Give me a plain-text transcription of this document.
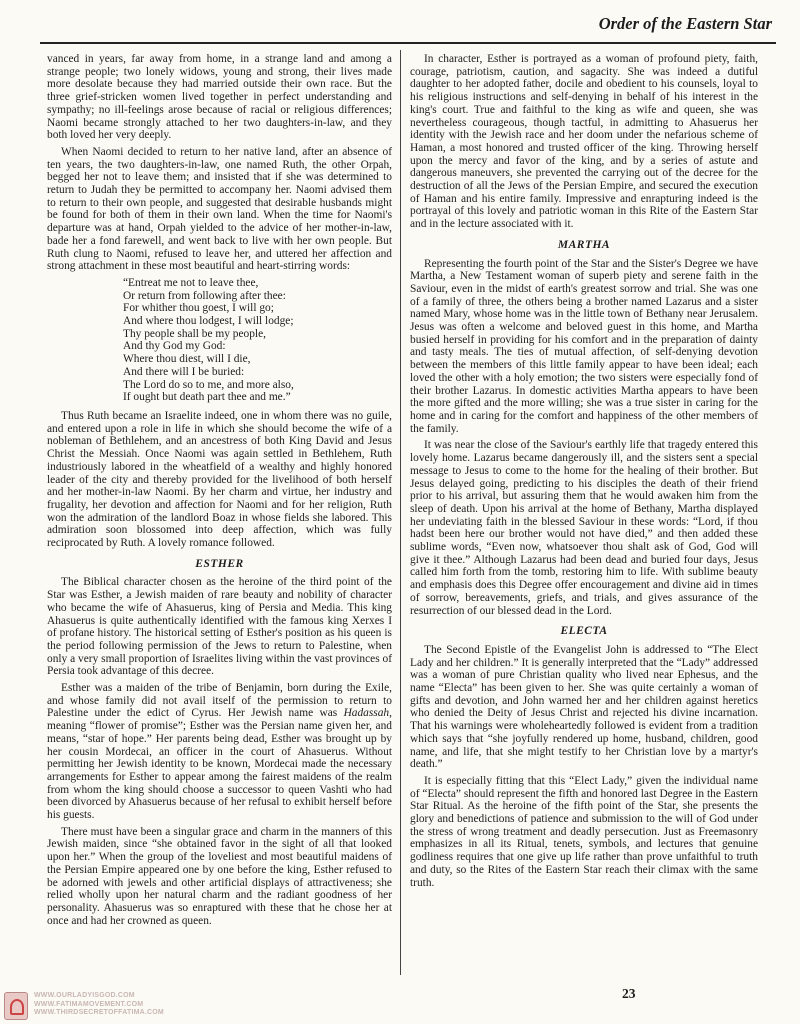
Order of the Eastern Star

vanced in years, far away from home, in a strange land and among a strange people; two lonely widows, young and strong, their lives made more desolate because they had married outside their own race. But the three grief-stricken women lived together in perfect understanding and sympathy; no ill-feelings arose because of racial or religious differences; Naomi became strongly attached to her two daughters-in-law, and they both loved her very deeply.

When Naomi decided to return to her native land, after an absence of ten years, the two daughters-in-law, one named Ruth, the other Orpah, begged her not to leave them; and insisted that if she was determined to return to Judah they be permitted to accompany her. Naomi advised them to return to their own people, and suggested that desirable husbands might be found for both of them in their own land. When the time for Naomi's departure was at hand, Orpah yielded to the advice of her mother-in-law, bade her a fond farewell, and went back to live with her own people. But Ruth clung to Naomi, refused to leave her, and uttered her affection and strong attachment in these most beautiful and heart-stirring words:

“Entreat me not to leave thee,
Or return from following after thee:
For whither thou goest, I will go;
And where thou lodgest, I will lodge;
Thy people shall be my people,
And thy God my God:
Where thou diest, will I die,
And there will I be buried:
The Lord do so to me, and more also,
If ought but death part thee and me.”

Thus Ruth became an Israelite indeed, one in whom there was no guile, and entered upon a role in life in which she should become the wife of a nobleman of Bethlehem, and an ancestress of both King David and Jesus Christ the Messiah. Once Naomi was again settled in Bethlehem, Ruth industriously labored in the wheatfield of a wealthy and highly honored leader of the city and thereby provided for the livelihood of both herself and her mother-in-law Naomi. By her charm and virtue, her industry and frugality, her devotion and affection for Naomi and for her religion, Ruth won the admiration of the landlord Boaz in whose fields she labored. This admiration soon blossomed into deep affection, which was fully reciprocated by Ruth. A lovely romance followed.

ESTHER

The Biblical character chosen as the heroine of the third point of the Star was Esther, a Jewish maiden of rare beauty and nobility of character who became the wife of Ahasuerus, king of Persia and Media. This king Ahasuerus is quite authentically identified with the famous king Xerxes I of profane history. The historical setting of Esther's position as his queen is the period following permission of the Jews to return to Palestine, when only a very small proportion of Israelites living within the vast provinces of Persia took advantage of this decree.

Esther was a maiden of the tribe of Benjamin, born during the Exile, and whose family did not avail itself of the permission to return to Palestine under the edict of Cyrus. Her Jewish name was Hadassah, meaning “flower of promise”; Esther was the Persian name given her, and means, “star of hope.” Her parents being dead, Esther was brought up by her cousin Mordecai, an officer in the court of Ahasuerus. Without permitting her Jewish identity to be known, Mordecai made the necessary arrangements for Esther to appear among the fairest maidens of the realm from whom the king should choose a successor to queen Vashti who had been divorced by Ahasuerus because of her refusal to exhibit herself before his guests.

There must have been a singular grace and charm in the manners of this Jewish maiden, since “she obtained favor in the sight of all that looked upon her.” When the group of the loveliest and most beautiful maidens of the Persian Empire appeared one by one before the king, Esther refused to be adorned with jewels and other artificial displays of attractiveness; she relied wholly upon her natural charm and the radiant goodness of her personality. Ahasuerus was so enraptured with these that he chose her at once and had her crowned as queen.

In character, Esther is portrayed as a woman of profound piety, faith, courage, patriotism, caution, and sagacity. She was indeed a dutiful daughter to her adopted father, docile and obedient to his counsels, loyal to his religious instructions and self-denying in behalf of his interest in the king's court. True and faithful to the king as wife and queen, she was nevertheless courageous, though tactful, in admitting to Ahasuerus her identity with the Jewish race and her doom under the nefarious scheme of Haman, a most honored and trusted officer of the king. Throwing herself upon the mercy and favor of the king, and by a series of astute and dangerous maneuvers, she prevented the carrying out of the decree for the destruction of all the Jews of the Persian Empire, and secured the execution of Haman and his entire family. Impressive and enrapturing indeed is the portrayal of this lovely and patriotic woman in this Rite of the Eastern Star and in the lecture associated with it.

MARTHA

Representing the fourth point of the Star and the Sister's Degree we have Martha, a New Testament woman of superb piety and serene faith in the Saviour, even in the midst of earth's greatest sorrow and trial. She was one of a family of three, the others being a brother named Lazarus and a sister named Mary, whose home was in the little town of Bethany near Jerusalem. Jesus was often a welcome and beloved guest in this home, and Martha busied herself in providing for his comfort and in the preparation of dainty and tasty meals. The ties of mutual affection, of self-denying devotion between the members of this little family appear to have been ideal; each loved the other with a holy emotion; the two sisters were especially fond of their brother Lazarus. In domestic activities Martha appears to have been the more gifted and the more willing; she was a true sister in caring for the home and in caring for the comfort and happiness of the other members of the family.

It was near the close of the Saviour's earthly life that tragedy entered this lovely home. Lazarus became dangerously ill, and the sisters sent a special message to Jesus to come to the home for the healing of their brother. But Jesus delayed going, predicting to his disciples the death of their friend prior to his arrival, but assuring them that he would awaken him from the sleep of death. Upon his arrival at the home of Bethany, Martha displayed her undeviating faith in the blessed Saviour in these words: “Lord, if thou hadst been here our brother would not have died,” and then added these sublime words, “Even now, whatsoever thou shalt ask of God, God will give it thee.” Although Lazarus had been dead and buried four days, Jesus called him forth from the tomb, restoring him to life. With sublime beauty and emphasis does this Degree offer encouragement and divine aid in times of sorrow, bereavements, griefs, and trials, and gives assurance of the resurrection of our blessed dead in the Lord.

ELECTA

The Second Epistle of the Evangelist John is addressed to “The Elect Lady and her children.” It is generally interpreted that the “Lady” addressed was a woman of pure Christian quality who lived near Ephesus, and the name “Electa” has been given to her. She was quite certainly a woman of gifts and devotion, and John warned her and her children against heretics who denied the Deity of Jesus Christ and rejected his divine incarnation. That his warnings were wholeheartedly followed is evident from a tradition which says that “she joyfully rendered up home, husband, children, good name, and life, that she might testify to her Christian love by a martyr's death.”

It is especially fitting that this “Elect Lady,” given the individual name of “Electa” should represent the fifth and honored last Degree in the Eastern Star Ritual. As the heroine of the fifth point of the Star, she presents the glory and benedictions of patience and submission to the will of God under the stress of wrong treatment and deadly persecution. Just as Freemasonry emphasizes in all its Ritual, tenets, symbols, and lectures that genuine godliness requires that one give up life rather than prove unfaithful to truth and duty, so the Rites of the Eastern Star reach their climax with the same truth.

23
WWW.OURLADYISGOD.COM
WWW.FATIMAMOVEMENT.COM
WWW.THIRDSECRETOFFATIMA.COM
